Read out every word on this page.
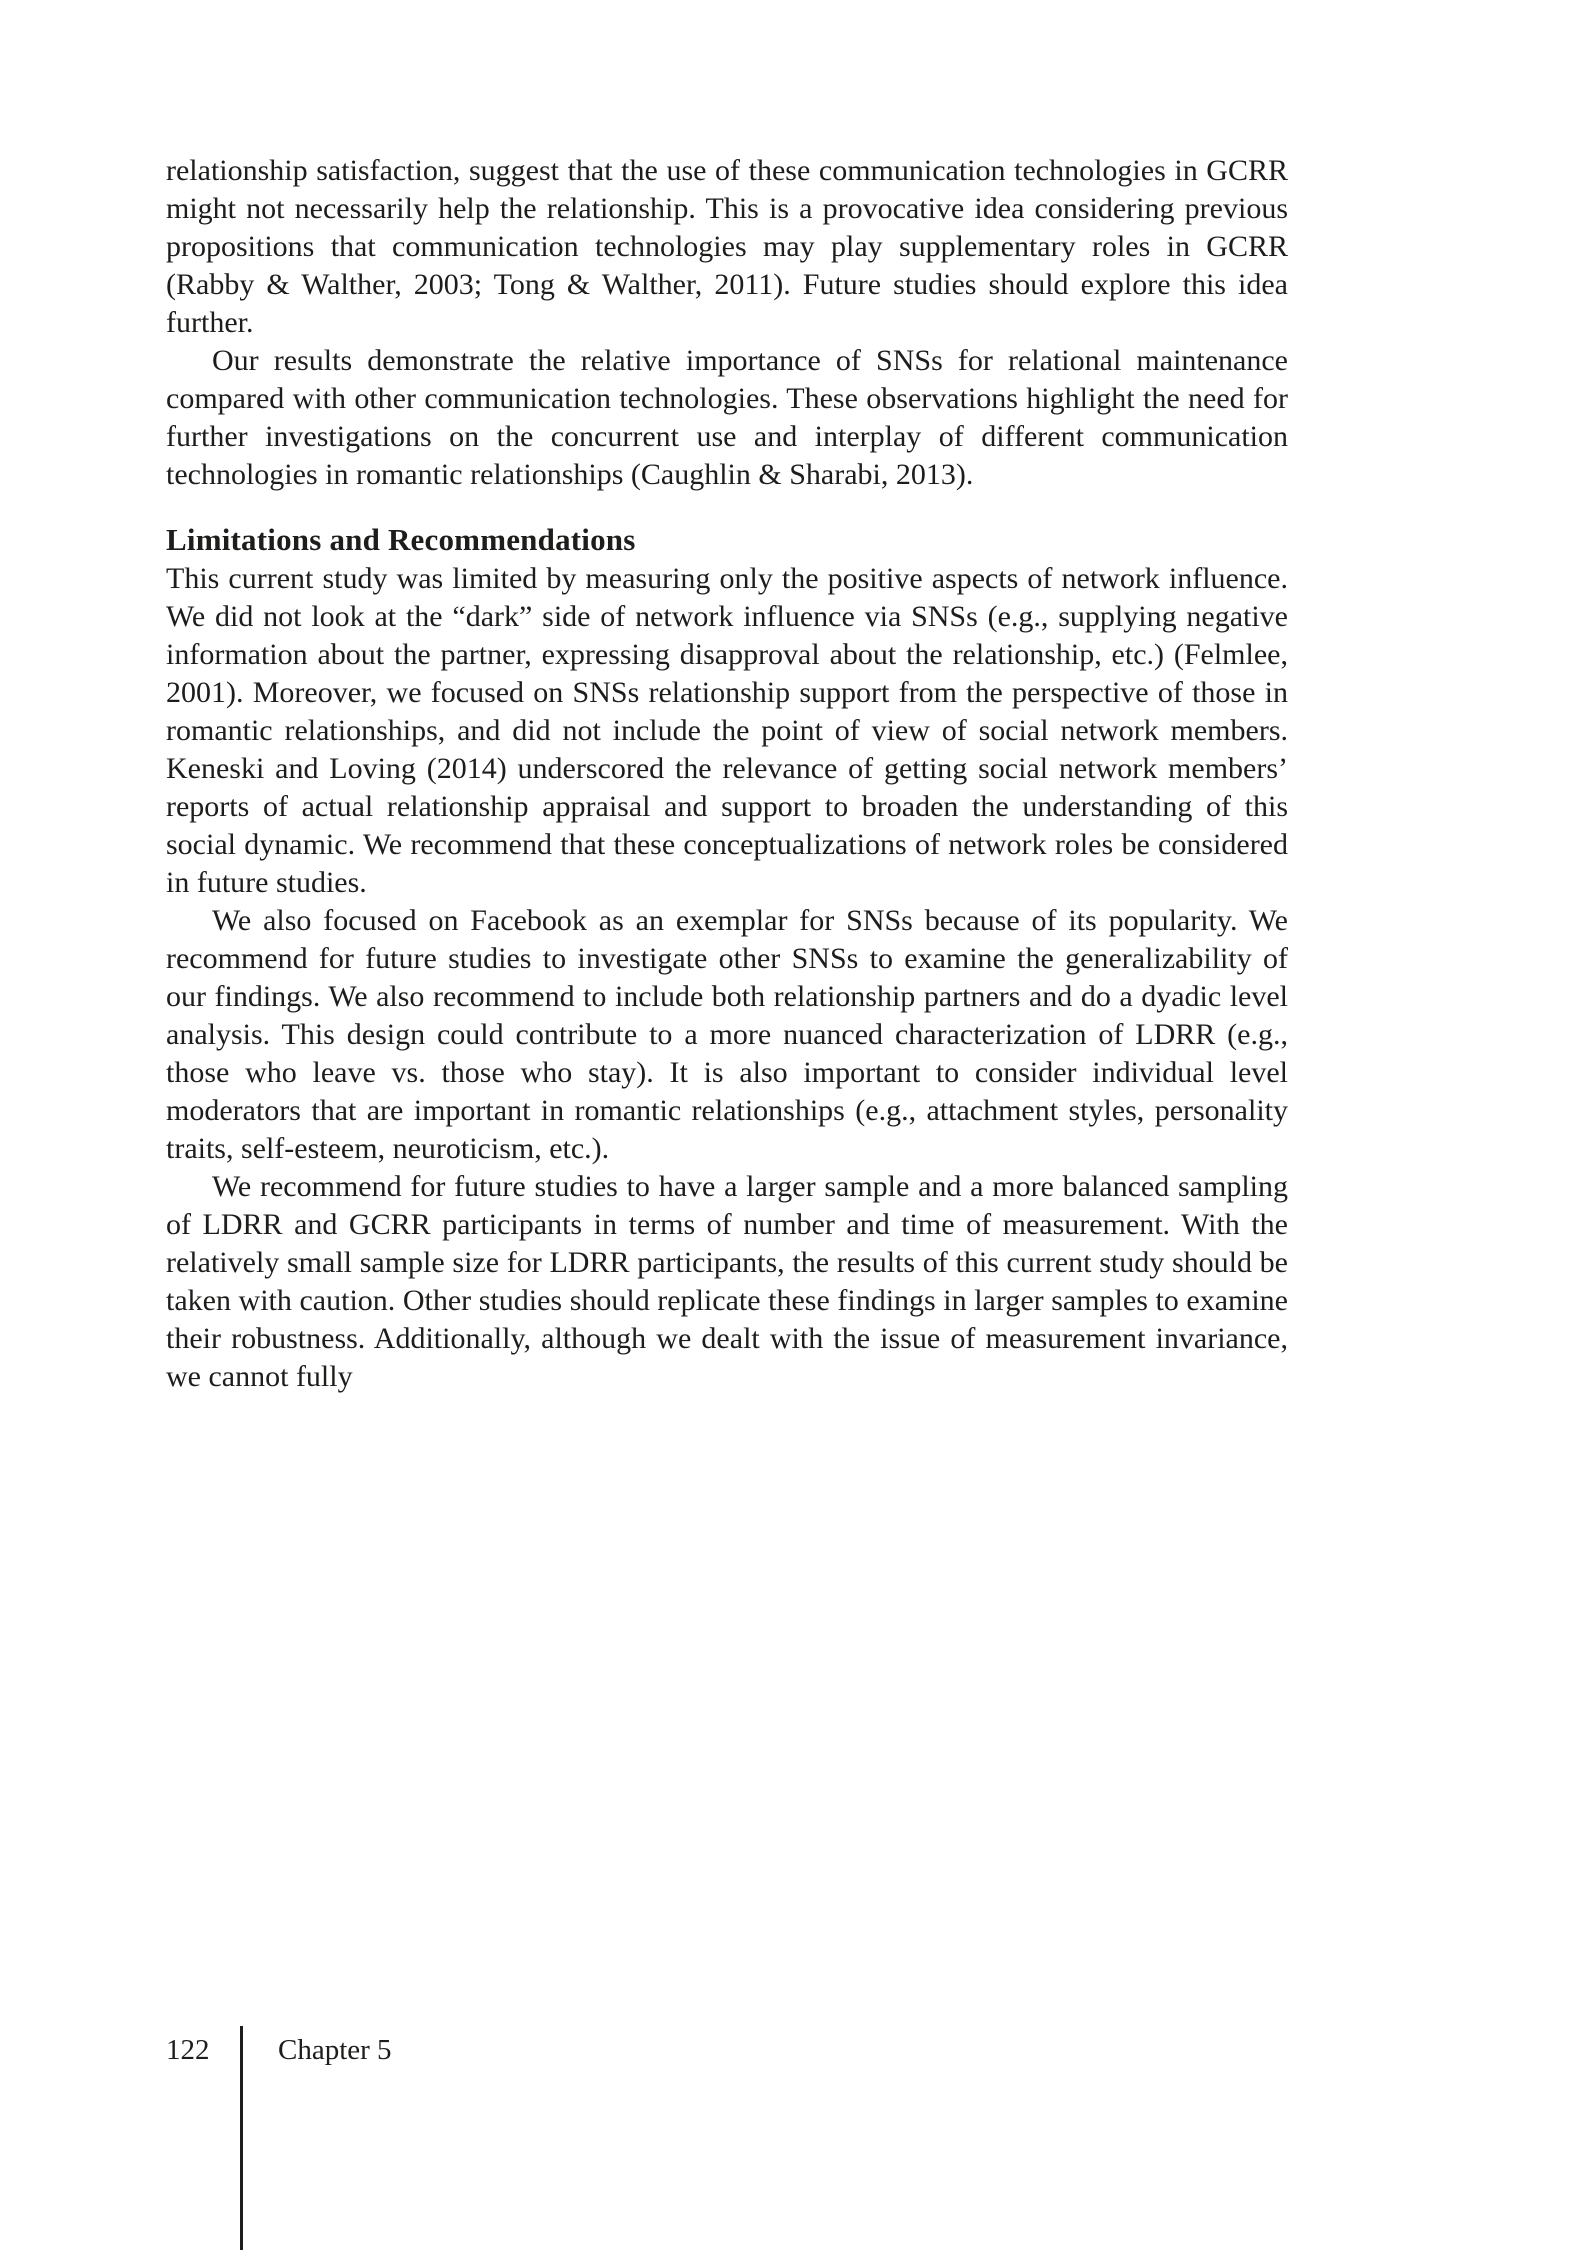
relationship satisfaction, suggest that the use of these communication technologies in GCRR might not necessarily help the relationship. This is a provocative idea considering previous propositions that communication technologies may play supplementary roles in GCRR (Rabby & Walther, 2003; Tong & Walther, 2011). Future studies should explore this idea further.

Our results demonstrate the relative importance of SNSs for relational maintenance compared with other communication technologies. These observations highlight the need for further investigations on the concurrent use and interplay of different communication technologies in romantic relationships (Caughlin & Sharabi, 2013).

Limitations and Recommendations

This current study was limited by measuring only the positive aspects of network influence. We did not look at the “dark” side of network influence via SNSs (e.g., supplying negative information about the partner, expressing disapproval about the relationship, etc.) (Felmlee, 2001). Moreover, we focused on SNSs relationship support from the perspective of those in romantic relationships, and did not include the point of view of social network members. Keneski and Loving (2014) underscored the relevance of getting social network members’ reports of actual relationship appraisal and support to broaden the understanding of this social dynamic. We recommend that these conceptualizations of network roles be considered in future studies.

We also focused on Facebook as an exemplar for SNSs because of its popularity. We recommend for future studies to investigate other SNSs to examine the generalizability of our findings. We also recommend to include both relationship partners and do a dyadic level analysis. This design could contribute to a more nuanced characterization of LDRR (e.g., those who leave vs. those who stay). It is also important to consider individual level moderators that are important in romantic relationships (e.g., attachment styles, personality traits, self-esteem, neuroticism, etc.).

We recommend for future studies to have a larger sample and a more balanced sampling of LDRR and GCRR participants in terms of number and time of measurement. With the relatively small sample size for LDRR participants, the results of this current study should be taken with caution. Other studies should replicate these findings in larger samples to examine their robustness. Additionally, although we dealt with the issue of measurement invariance, we cannot fully

122 Chapter 5
